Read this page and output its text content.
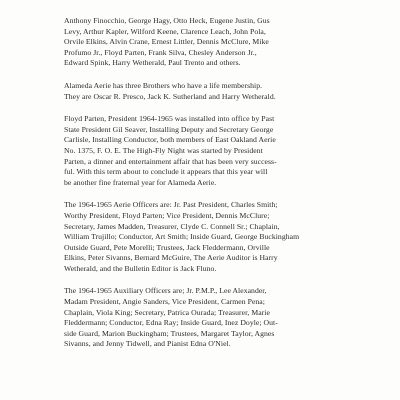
Anthony Finocchio, George Hagy, Otto Heck, Eugene Justin, Gus
Levy, Arthur Kapler, Wilford Keene, Clarence Leach, John Pola,
Orvile Elkins, Alvin Crane, Ernest Littler, Dennis McClure, Mike
Profumo Jr., Floyd Parten, Frank Silva, Chesley Anderson Jr.,
Edward Spink, Harry Wetherald, Paul Trento and others.

Alameda Aerie has three Brothers who have a life membership.
They are Oscar R. Presco, Jack K. Sutherland and Harry Wetherald.

Floyd Parten, President 1964-1965 was installed into office by Past
State President Gil Seaver, Installing Deputy and Secretary George
Carlisle, Installing Conductor, both members of East Oakland Aerie
No. 1375, F. O. E. The High-Fly Night was started by President
Parten, a dinner and entertainment affair that has been very success-
ful. With this term about to conclude it appears that this year will
be another fine fraternal year for Alameda Aerie.

The 1964-1965 Aerie Officers are: Jr. Past President, Charles Smith;
Worthy President, Floyd Parten; Vice President, Dennis McClure;
Secretary, James Madden, Treasurer, Clyde C. Connell Sr.; Chaplain,
William Trujillo; Conductor, Art Smith; Inside Guard, George Buckingham
Outside Guard, Pete Morelli; Trustees, Jack Fleddermann, Orville
Elkins, Peter Sivanns, Bernard McGuire, The Aerie Auditor is Harry
Wetherald, and the Bulletin Editor is Jack Fluno.

The 1964-1965 Auxiliary Officers are; Jr. P.M.P., Lee Alexander,
Madam President, Angie Sanders, Vice President, Carmen Pena;
Chaplain, Viola King; Secretary, Patrica Ourada; Treasurer, Marie
Fleddermann; Conductor, Edna Ray; Inside Guard, Inez Doyle; Out-
side Guard, Marion Buckingham; Trustees, Margaret Taylor, Agnes
Sivanns, and Jenny Tidwell, and Pianist Edna O'Niel.
